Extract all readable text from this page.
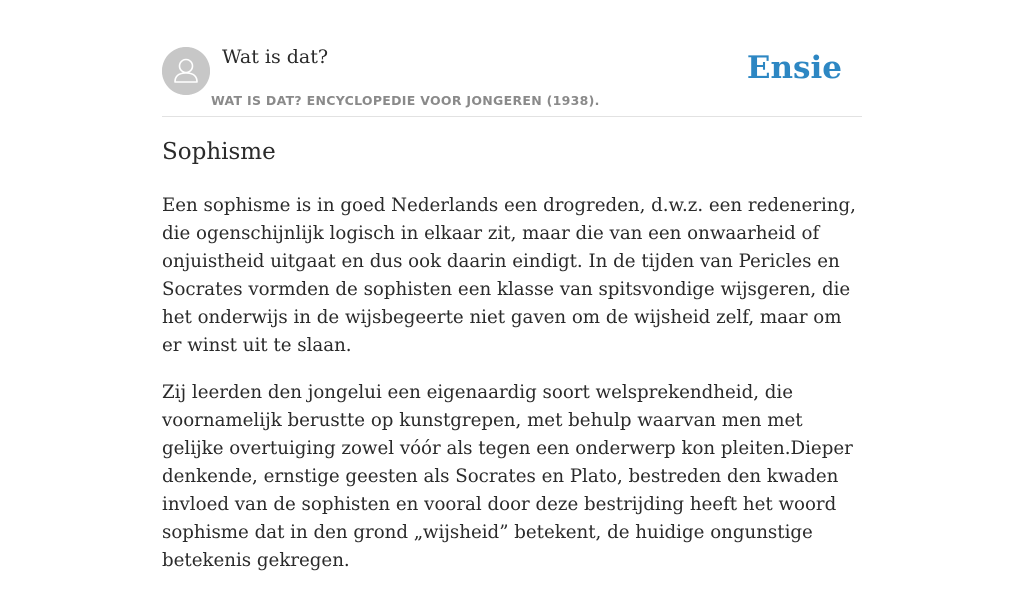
Wat is dat?
WAT IS DAT? ENCYCLOPEDIE VOOR JONGEREN (1938).
Ensie
Sophisme

Een sophisme is in goed Nederlands een drogreden, d.w.z. een redenering, die ogenschijnlijk logisch in elkaar zit, maar die van een onwaarheid of onjuistheid uitgaat en dus ook daarin eindigt. In de tijden van Pericles en Socrates vormden de sophisten een klasse van spitsvondige wijsgeren, die het onderwijs in de wijsbegeerte niet gaven om de wijsheid zelf, maar om er winst uit te slaan.

Zij leerden den jongelui een eigenaardig soort welsprekendheid, die voornamelijk berustte op kunstgrepen, met behulp waarvan men met gelijke overtuiging zowel vóór als tegen een onderwerp kon pleiten.Dieper denkende, ernstige geesten als Socrates en Plato, bestreden den kwaden invloed van de sophisten en vooral door deze bestrijding heeft het woord sophisme dat in den grond „wijsheid” betekent, de huidige ongunstige betekenis gekregen.
